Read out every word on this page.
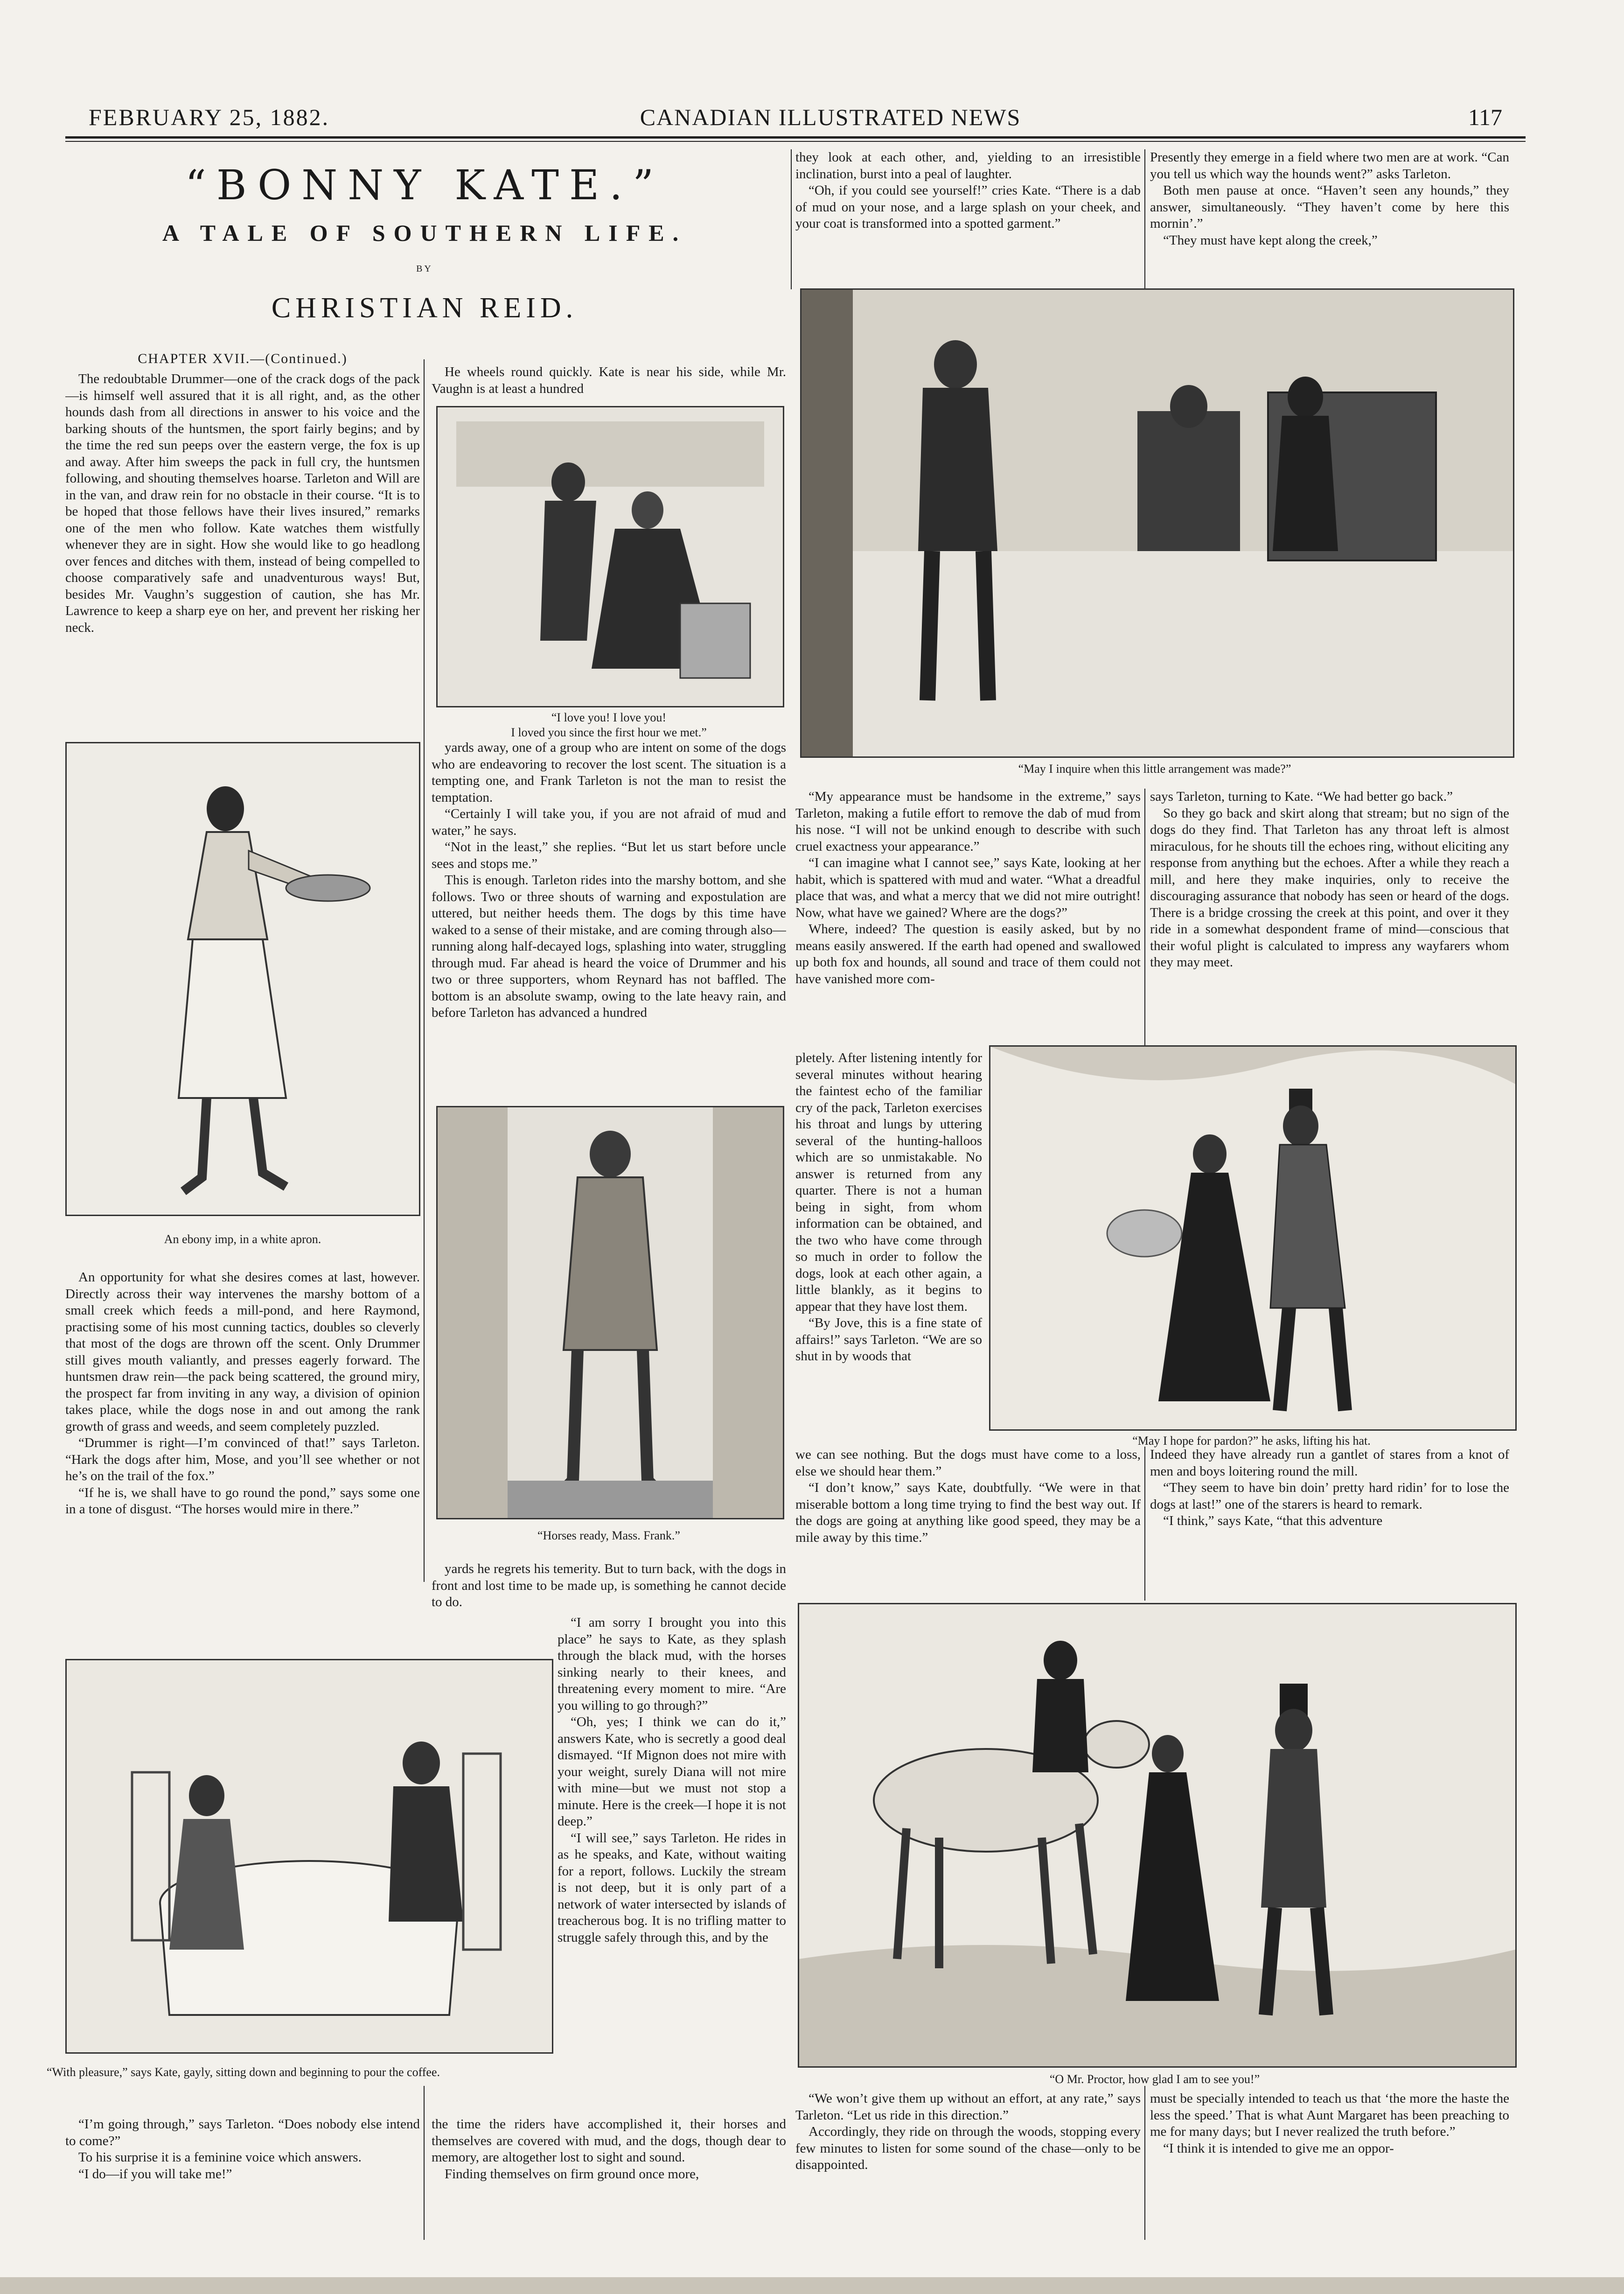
FEBRUARY 25, 1882.	CANADIAN ILLUSTRATED NEWS	117
“BONNY KATE.”
A TALE OF SOUTHERN LIFE.
BY
CHRISTIAN REID.
CHAPTER XVII.—(Continued.)

The redoubtable Drummer—one of the crack dogs of the pack—is himself well assured that it is all right, and, as the other hounds dash from all directions in answer to his voice and the barking shouts of the huntsmen, the sport fairly begins; and by the time the red sun peeps over the eastern verge, the fox is up and away. After him sweeps the pack in full cry, the huntsmen following, and shouting themselves hoarse. Tarleton and Will are in the van, and draw rein for no obstacle in their course. “It is to be hoped that those fellows have their lives insured,” remarks one of the men who follow. Kate watches them wistfully whenever they are in sight. How she would like to go headlong over fences and ditches with them, instead of being compelled to choose comparatively safe and unadventurous ways! But, besides Mr. Vaughn’s suggestion of caution, she has Mr. Lawrence to keep a sharp eye on her, and prevent her risking her neck.

An ebony imp, in a white apron.

An opportunity for what she desires comes at last, however. Directly across their way intervenes the marshy bottom of a small creek which feeds a mill-pond, and here Raymond, practising some of his most cunning tactics, doubles so cleverly that most of the dogs are thrown off the scent. Only Drummer still gives mouth valiantly, and presses eagerly forward. The huntsmen draw rein—the pack being scattered, the ground miry, the prospect far from inviting in any way, a division of opinion takes place, while the dogs nose in and out among the rank growth of grass and weeds, and seem completely puzzled.

“Drummer is right—I’m convinced of that!” says Tarleton. “Hark the dogs after him, Mose, and you’ll see whether or not he’s on the trail of the fox.”

“If he is, we shall have to go round the pond,” says some one in a tone of disgust. “The horses would mire in there.”

“With pleasure,” says Kate, gayly, sitting down and beginning to pour the coffee.

“I’m going through,” says Tarleton. “Does nobody else intend to come?”

To his surprise it is a feminine voice which answers.

“I do—if you will take me!”

He wheels round quickly. Kate is near his side, while Mr. Vaughn is at least a hundred

“I love you! I love you!
I loved you since the first hour we met.”

yards away, one of a group who are intent on some of the dogs who are endeavoring to recover the lost scent. The situation is a tempting one, and Frank Tarleton is not the man to resist the temptation.

“Certainly I will take you, if you are not afraid of mud and water,” he says.

“Not in the least,” she replies. “But let us start before uncle sees and stops me.”

This is enough. Tarleton rides into the marshy bottom, and she follows. Two or three shouts of warning and expostulation are uttered, but neither heeds them. The dogs by this time have waked to a sense of their mistake, and are coming through also—running along half-decayed logs, splashing into water, struggling through mud. Far ahead is heard the voice of Drummer and his two or three supporters, whom Reynard has not baffled. The bottom is an absolute swamp, owing to the late heavy rain, and before Tarleton has advanced a hundred

“Horses ready, Mass. Frank.”

yards he regrets his temerity. But to turn back, with the dogs in front and lost time to be made up, is something he cannot decide to do.

“I am sorry I brought you into this place” he says to Kate, as they splash through the black mud, with the horses sinking nearly to their knees, and threatening every moment to mire. “Are you willing to go through?”

“Oh, yes; I think we can do it,” answers Kate, who is secretly a good deal dismayed. “If Mignon does not mire with your weight, surely Diana will not mire with mine—but we must not stop a minute. Here is the creek—I hope it is not deep.”

“I will see,” says Tarleton. He rides in as he speaks, and Kate, without waiting for a report, follows. Luckily the stream is not deep, but it is only part of a network of water intersected by islands of treacherous bog. It is no trifling matter to struggle safely through this, and by the

the time the riders have accomplished it, their horses and themselves are covered with mud, and the dogs, though dear to memory, are altogether lost to sight and sound.

Finding themselves on firm ground once more,

they look at each other, and, yielding to an irresistible inclination, burst into a peal of laughter.

“Oh, if you could see yourself!” cries Kate. “There is a dab of mud on your nose, and a large splash on your cheek, and your coat is transformed into a spotted garment.”

“May I inquire when this little arrangement was made?”

“My appearance must be handsome in the extreme,” says Tarleton, making a futile effort to remove the dab of mud from his nose. “I will not be unkind enough to describe with such cruel exactness your appearance.”

“I can imagine what I cannot see,” says Kate, looking at her habit, which is spattered with mud and water. “What a dreadful place that was, and what a mercy that we did not mire outright! Now, what have we gained? Where are the dogs?”

Where, indeed? The question is easily asked, but by no means easily answered. If the earth had opened and swallowed up both fox and hounds, all sound and trace of them could not have vanished more com-

pletely. After listening intently for several minutes without hearing the faintest echo of the familiar cry of the pack, Tarleton exercises his throat and lungs by uttering several of the hunting-halloos which are so unmistakable. No answer is returned from any quarter. There is not a human being in sight, from whom information can be obtained, and the two who have come through so much in order to follow the dogs, look at each other again, a little blankly, as it begins to appear that they have lost them.

“By Jove, this is a fine state of affairs!” says Tarleton. “We are so shut in by woods that

“May I hope for pardon?” he asks, lifting his hat.

we can see nothing. But the dogs must have come to a loss, else we should hear them.”

“I don’t know,” says Kate, doubtfully. “We were in that miserable bottom a long time trying to find the best way out. If the dogs are going at anything like good speed, they may be a mile away by this time.”

“O Mr. Proctor, how glad I am to see you!”

“We won’t give them up without an effort, at any rate,” says Tarleton. “Let us ride in this direction.”

Accordingly, they ride on through the woods, stopping every few minutes to listen for some sound of the chase—only to be disappointed.

Presently they emerge in a field where two men are at work. “Can you tell us which way the hounds went?” asks Tarleton.

Both men pause at once. “Haven’t seen any hounds,” they answer, simultaneously. “They haven’t come by here this mornin’.”

“They must have kept along the creek,”

says Tarleton, turning to Kate. “We had better go back.”

So they go back and skirt along that stream; but no sign of the dogs do they find. That Tarleton has any throat left is almost miraculous, for he shouts till the echoes ring, without eliciting any response from anything but the echoes. After a while they reach a mill, and here they make inquiries, only to receive the discouraging assurance that nobody has seen or heard of the dogs. There is a bridge crossing the creek at this point, and over it they ride in a somewhat despondent frame of mind—conscious that their woful plight is calculated to impress any wayfarers whom they may meet.

Indeed they have already run a gantlet of stares from a knot of men and boys loitering round the mill.

“They seem to have bin doin’ pretty hard ridin’ for to lose the dogs at last!” one of the starers is heard to remark.

“I think,” says Kate, “that this adventure

must be specially intended to teach us that ‘the more the haste the less the speed.’ That is what Aunt Margaret has been preaching to me for many days; but I never realized the truth before.”

“I think it is intended to give me an oppor-
